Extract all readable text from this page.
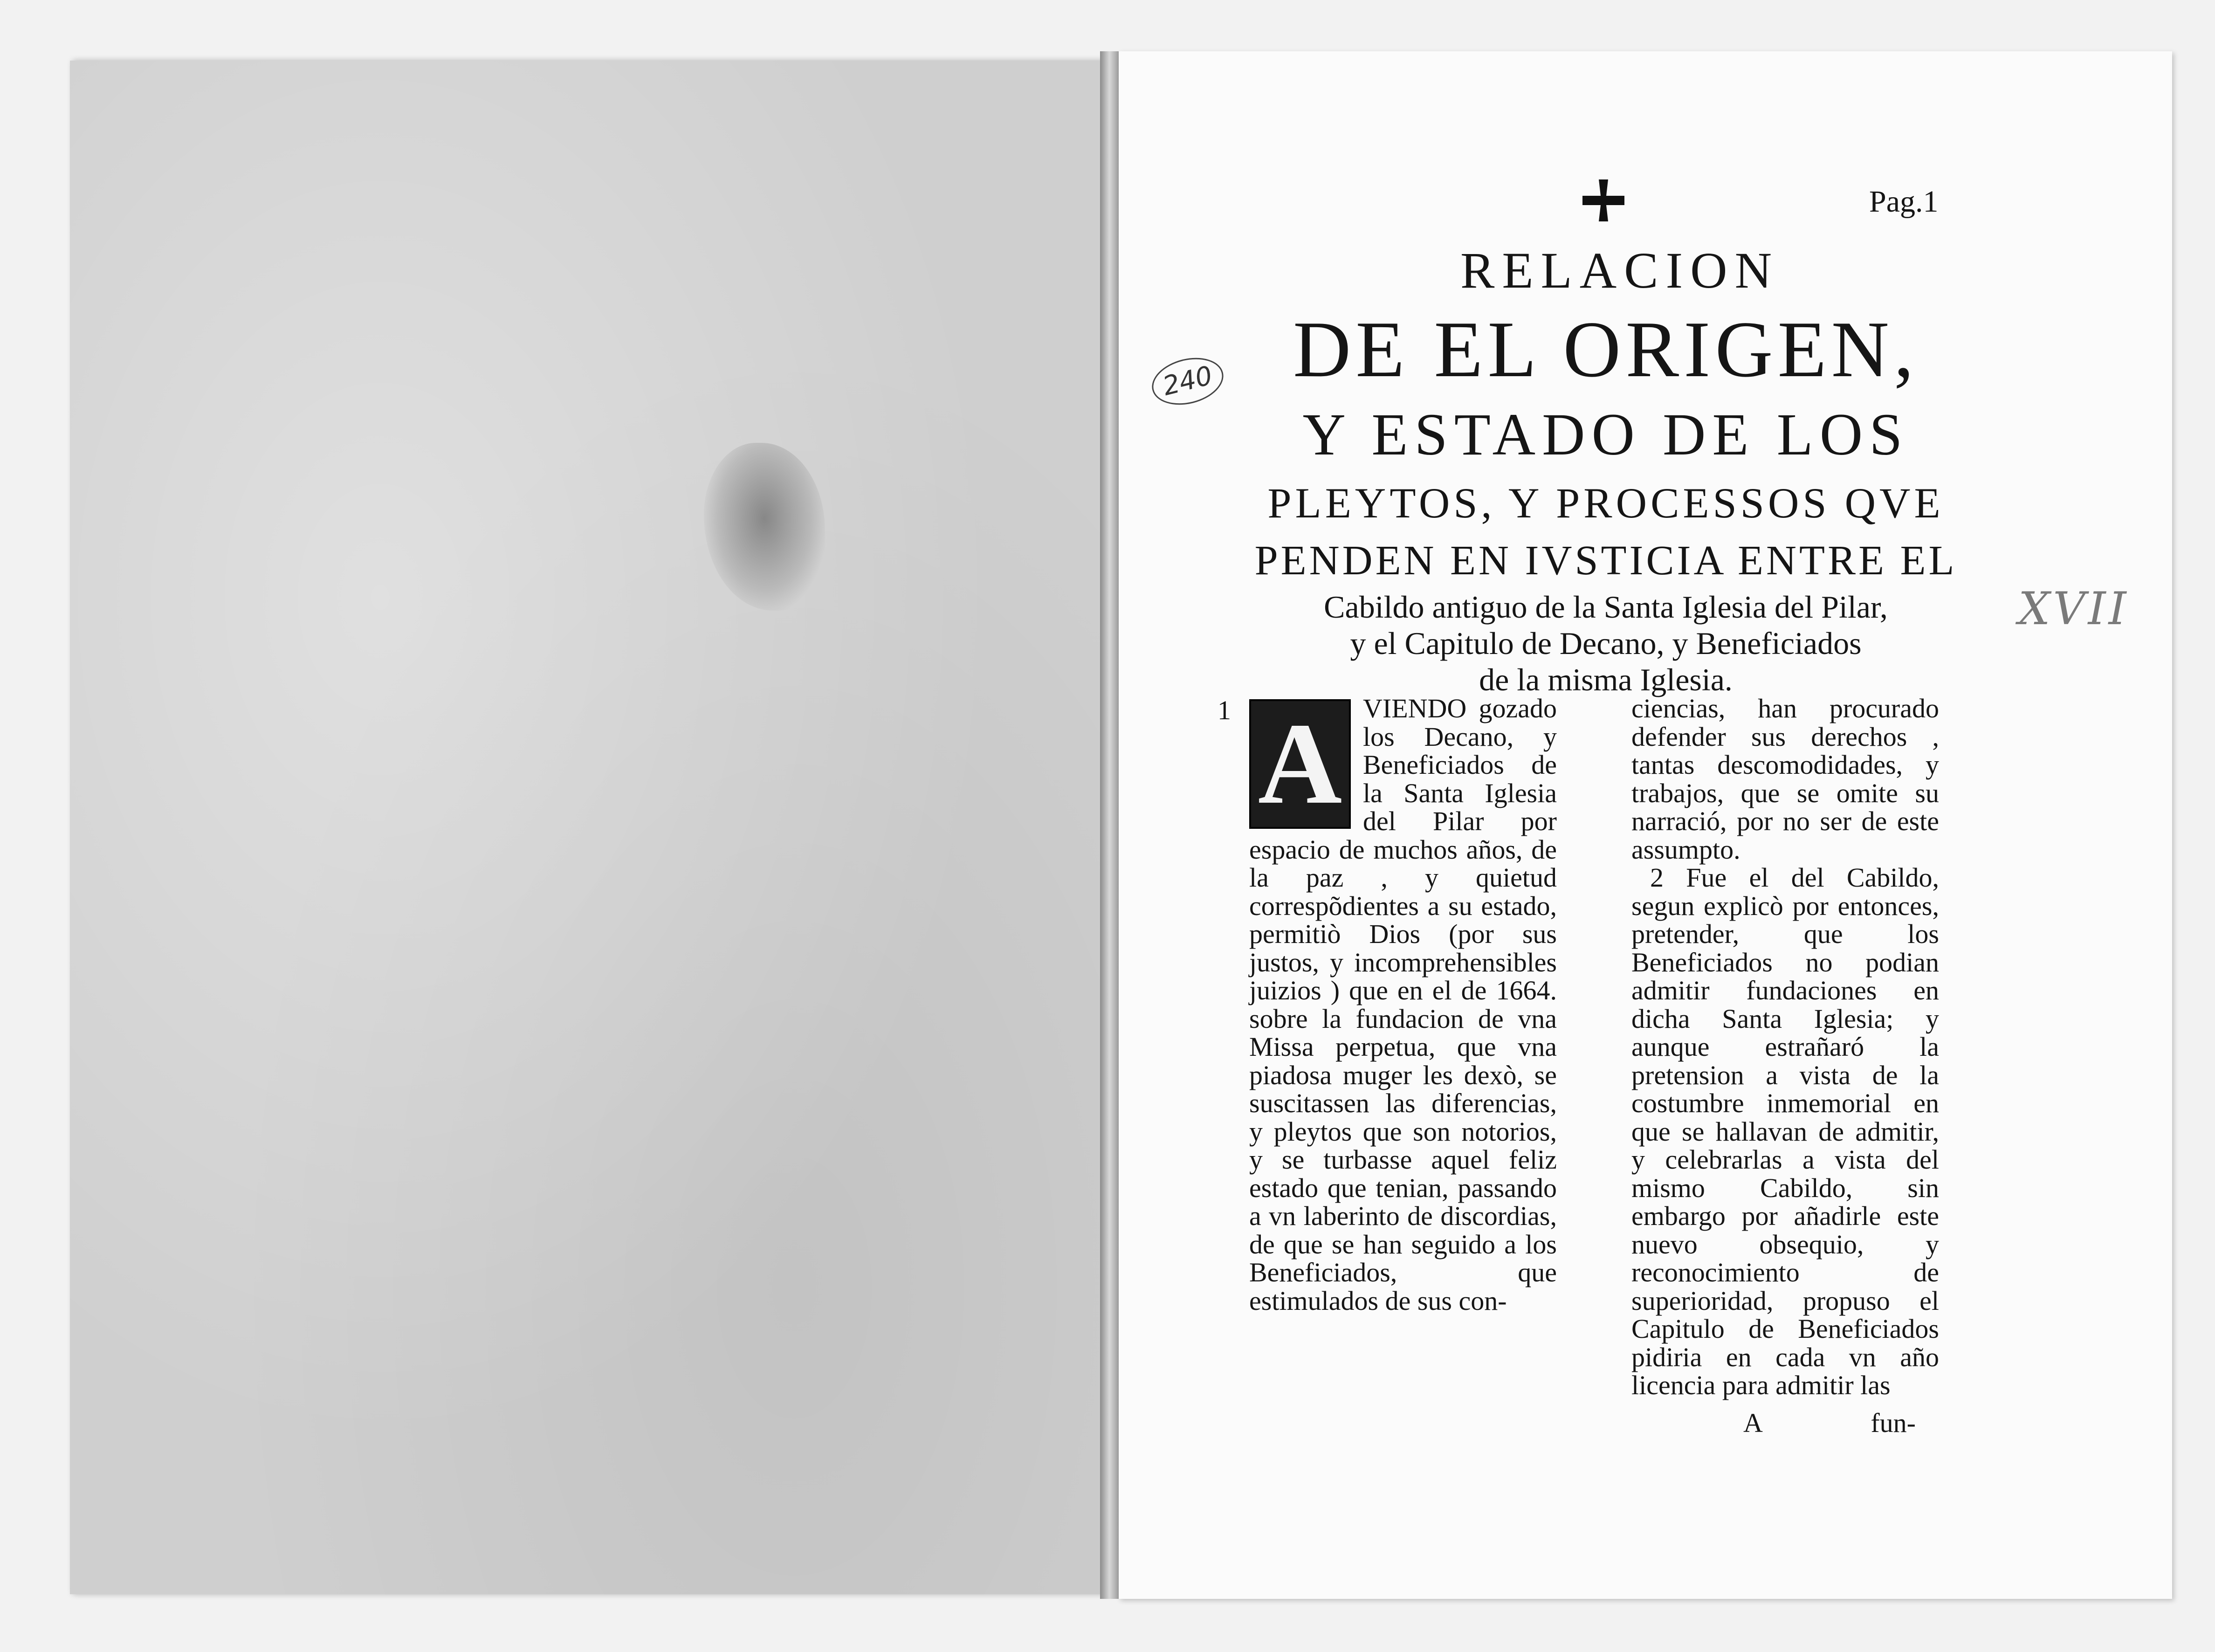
240
Pag.1
RELACION
DE EL ORIGEN,
Y ESTADO DE LOS
PLEYTOS, Y PROCESSOS QVE
PENDEN EN IVSTICIA ENTRE EL
Cabildo antiguo de la Santa Iglesia del Pilar,
y el Capitulo de Decano, y Beneficiados
de la misma Iglesia.
1 A VIENDO gozado los Decano, y Beneficiados de la Santa Iglesia del Pilar por espacio de muchos años, de la paz , y quietud correspõdientes a su estado, permitiò Dios (por sus justos, y incomprehensibles juizios ) que en el de 1664. sobre la fundacion de vna Missa perpetua, que vna piadosa muger les dexò, se suscitassen las diferencias, y pleytos que son notorios, y se turbasse aquel feliz estado que tenian, passando a vn laberinto de discordias, de que se han seguido a los Beneficiados, que estimulados de sus con-
ciencias, han procurado defender sus derechos , tantas descomodidades, y trabajos, que se omite su narració, por no ser de este assumpto.
2 Fue el del Cabildo, segun explicò por entonces, pretender, que los Beneficiados no podian admitir fundaciones en dicha Santa Iglesia; y aunque estrañaró la pretension a vista de la costumbre inmemorial en que se hallavan de admitir, y celebrarlas a vista del mismo Cabildo, sin embargo por añadirle este nuevo obsequio, y reconocimiento de superioridad, propuso el Capitulo de Beneficiados pidiria en cada vn año licencia para admitir las
A	fun-
XVII
